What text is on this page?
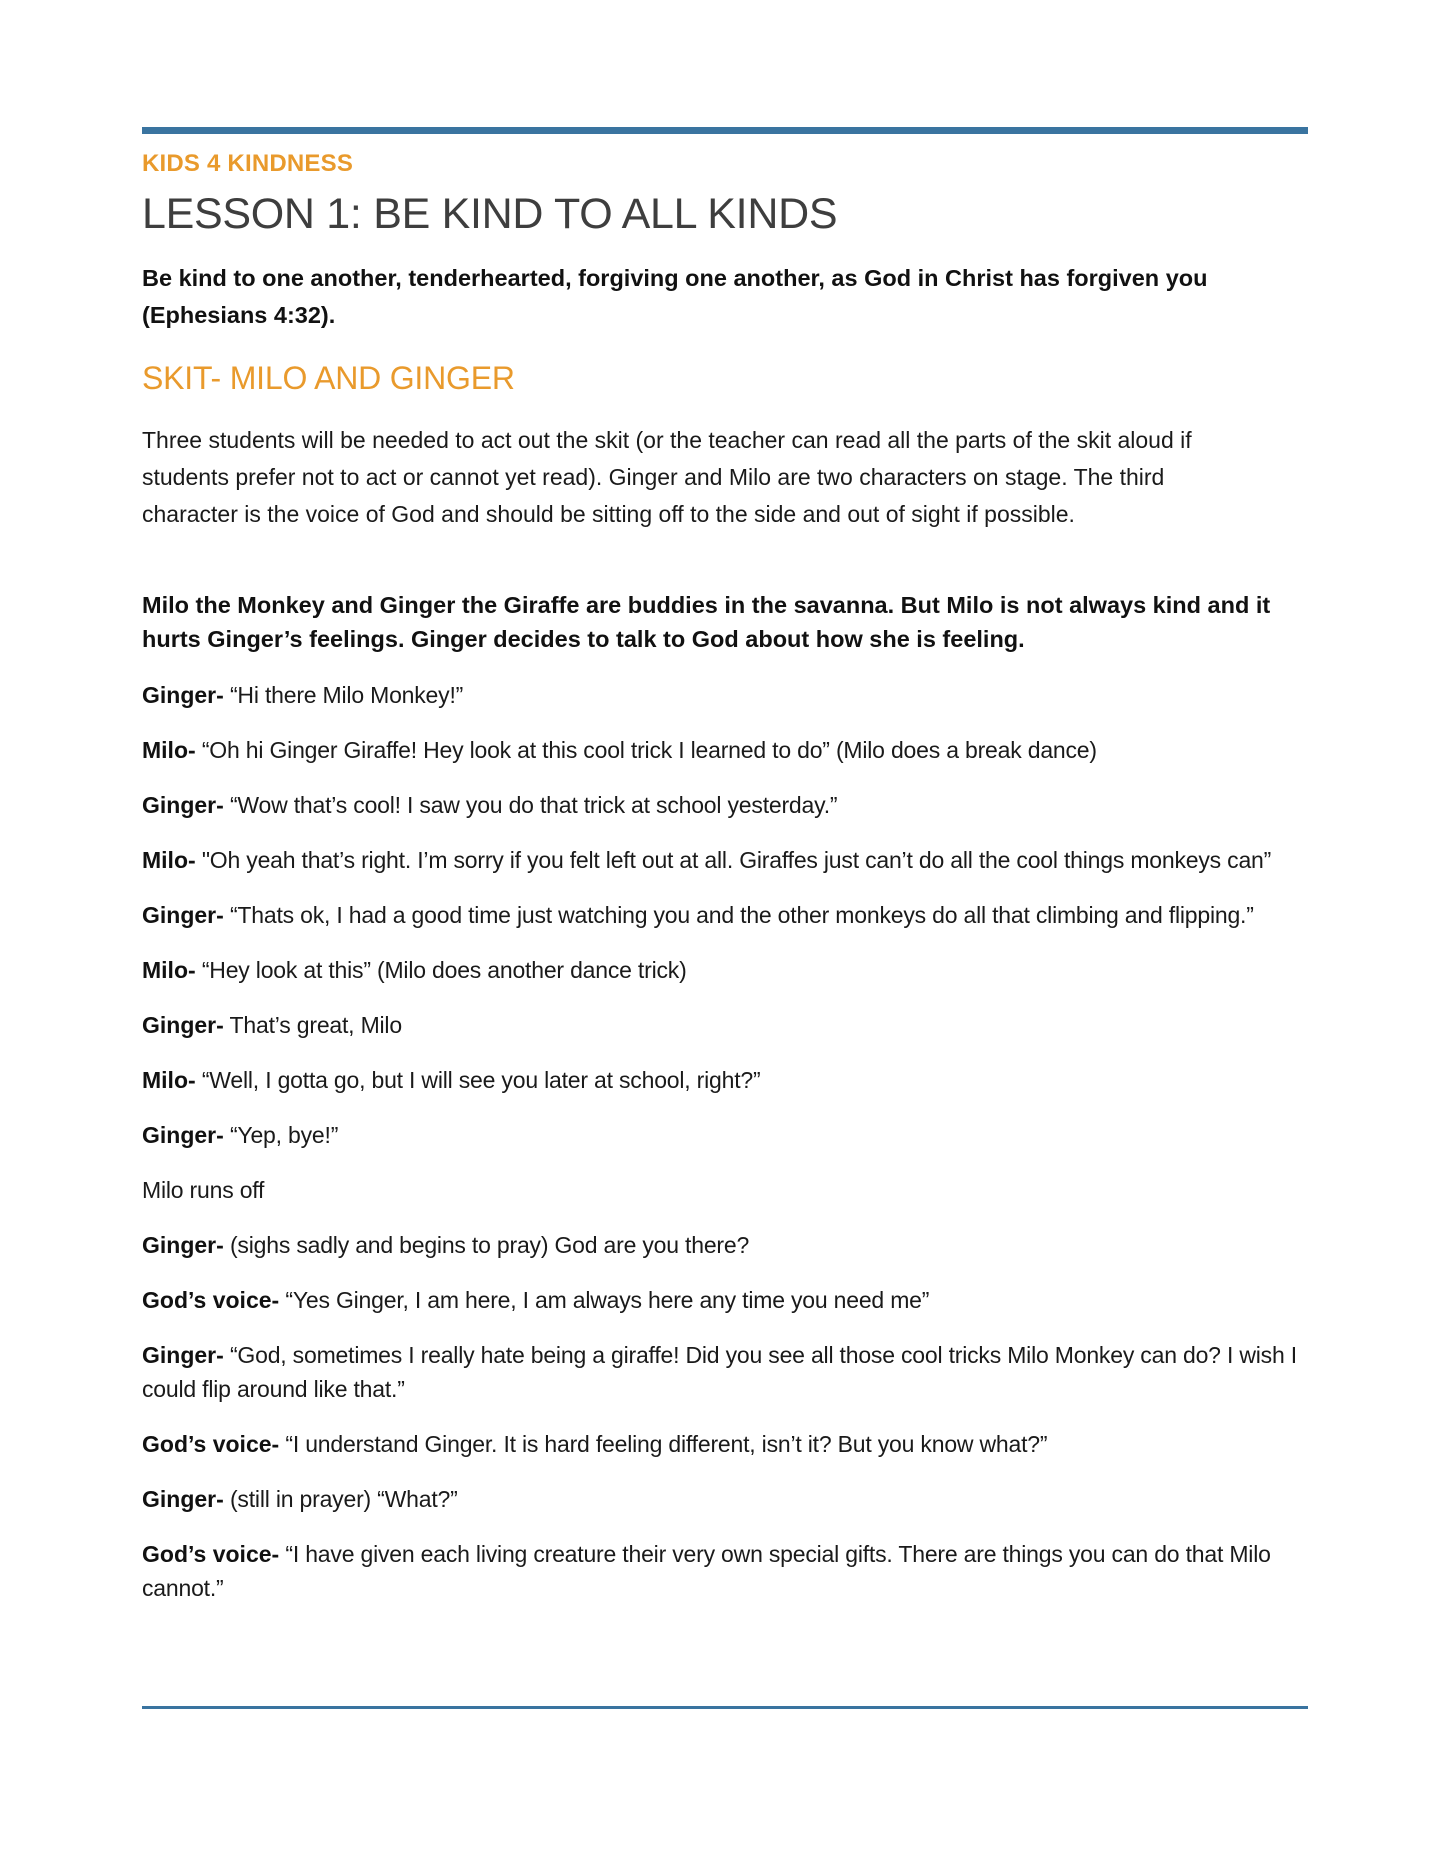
KIDS 4 KINDNESS
LESSON 1: BE KIND TO ALL KINDS
Be kind to one another, tenderhearted, forgiving one another, as God in Christ has forgiven you
(Ephesians 4:32).
SKIT- MILO AND GINGER
Three students will be needed to act out the skit (or the teacher can read all the parts of the skit aloud if
students prefer not to act or cannot yet read). Ginger and Milo are two characters on stage. The third
character is the voice of God and should be sitting off to the side and out of sight if possible.
Milo the Monkey and Ginger the Giraffe are buddies in the savanna. But Milo is not always kind and it
hurts Ginger’s feelings. Ginger decides to talk to God about how she is feeling.

Ginger- “Hi there Milo Monkey!”

Milo- “Oh hi Ginger Giraffe! Hey look at this cool trick I learned to do” (Milo does a break dance)

Ginger- “Wow that’s cool! I saw you do that trick at school yesterday.”

Milo- "Oh yeah that’s right. I’m sorry if you felt left out at all. Giraffes just can’t do all the cool things monkeys can”

Ginger- “Thats ok, I had a good time just watching you and the other monkeys do all that climbing and flipping.”

Milo- “Hey look at this” (Milo does another dance trick)

Ginger- That’s great, Milo

Milo- “Well, I gotta go, but I will see you later at school, right?”

Ginger- “Yep, bye!”

Milo runs off

Ginger- (sighs sadly and begins to pray) God are you there?

God’s voice- “Yes Ginger, I am here, I am always here any time you need me”

Ginger- “God, sometimes I really hate being a giraffe! Did you see all those cool tricks Milo Monkey can do? I wish I could flip around like that.”

God’s voice- “I understand Ginger. It is hard feeling different, isn’t it? But you know what?”

Ginger- (still in prayer) “What?”

God’s voice- “I have given each living creature their very own special gifts. There are things you can do that Milo cannot.”
